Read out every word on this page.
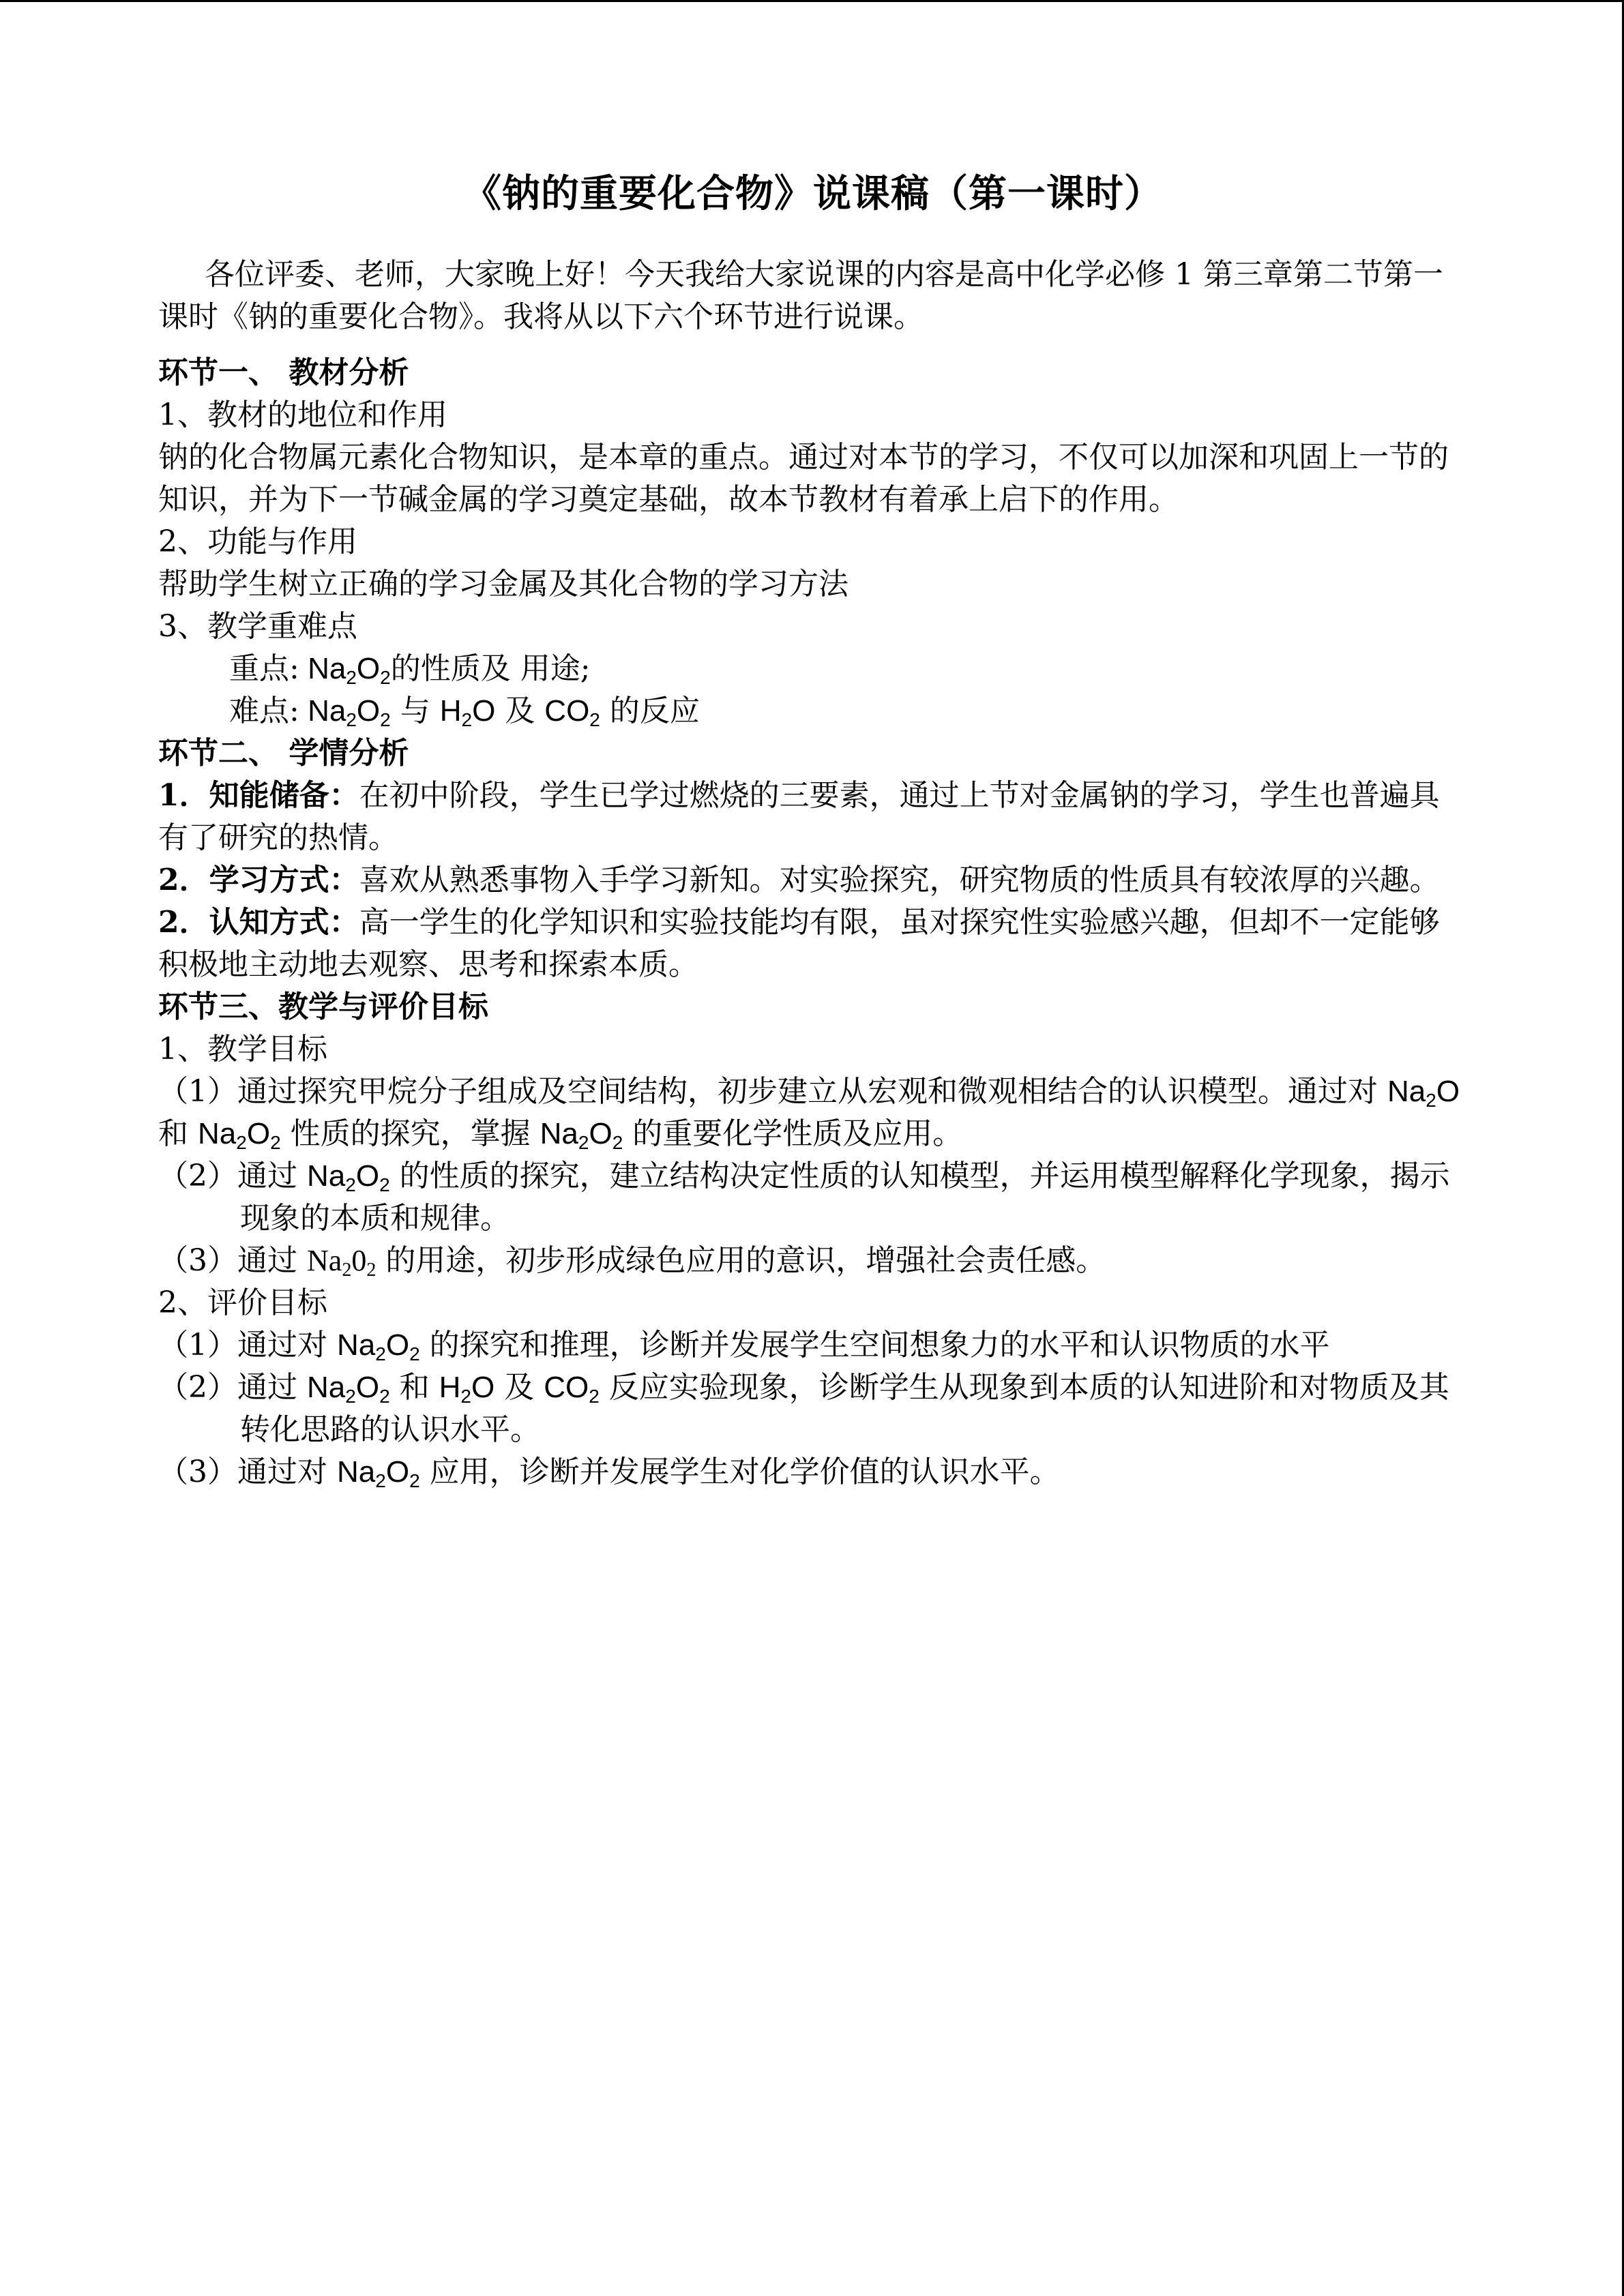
《钠的重要化合物》说课稿（第一课时）

各位评委、老师，大家晚上好！今天我给大家说课的内容是高中化学必修 1 第三章第二节第一课时《钠的重要化合物》。我将从以下六个环节进行说课。

环节一、 教材分析

1、教材的地位和作用

钠的化合物属元素化合物知识，是本章的重点。通过对本节的学习，不仅可以加深和巩固上一节的知识，并为下一节碱金属的学习奠定基础，故本节教材有着承上启下的作用。

2、功能与作用

帮助学生树立正确的学习金属及其化合物的学习方法

3、教学重难点

重点: $Na_2O_2$的性质及 用途;

难点: $Na_2O_2$ 与 $H_2O$ 及 $CO_2$ 的反应

环节二、 学情分析

1．知能储备：在初中阶段，学生已学过燃烧的三要素，通过上节对金属钠的学习，学生也普遍具有了研究的热情。

2．学习方式：喜欢从熟悉事物入手学习新知。对实验探究，研究物质的性质具有较浓厚的兴趣。

2．认知方式：高一学生的化学知识和实验技能均有限，虽对探究性实验感兴趣，但却不一定能够积极地主动地去观察、思考和探索本质。

环节三、教学与评价目标

1、教学目标

（1）通过探究甲烷分子组成及空间结构，初步建立从宏观和微观相结合的认识模型。通过对 $Na_2O$ 和 $Na_2O_2$ 性质的探究，掌握 $Na_2O_2$ 的重要化学性质及应用。

（2）通过 $Na_2O_2$ 的性质的探究，建立结构决定性质的认知模型，并运用模型解释化学现象，揭示现象的本质和规律。

（3）通过 $Na_20_2$ 的用途，初步形成绿色应用的意识，增强社会责任感。

2、评价目标

（1）通过对 $Na_2O_2$ 的探究和推理，诊断并发展学生空间想象力的水平和认识物质的水平

（2）通过 $Na_2O_2$ 和 $H_2O$ 及 $CO_2$ 反应实验现象，诊断学生从现象到本质的认知进阶和对物质及其转化思路的认识水平。

（3）通过对 $Na_2O_2$ 应用，诊断并发展学生对化学价值的认识水平。
